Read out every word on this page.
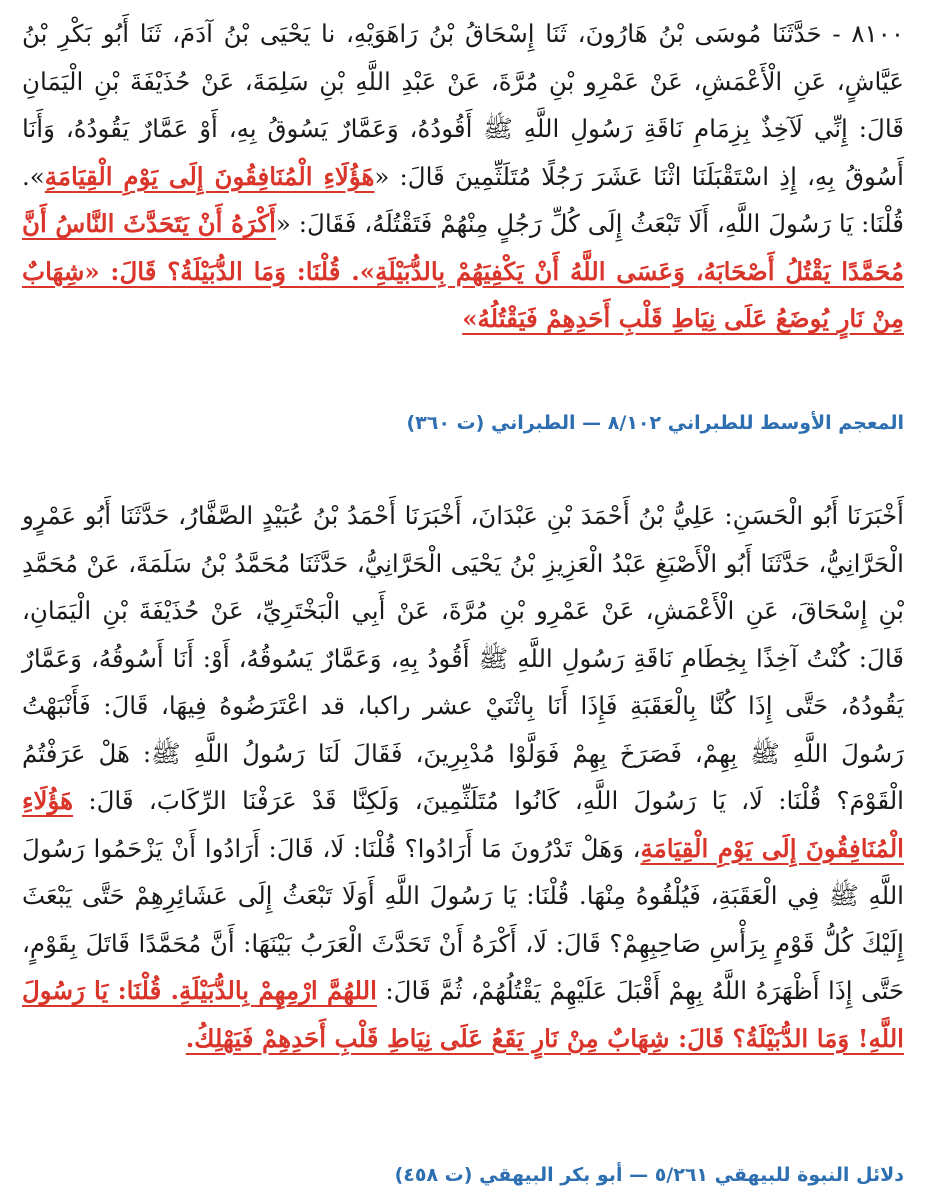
٨١٠٠ - حَدَّثَنَا مُوسَى بْنُ هَارُونَ، ثَنَا إِسْحَاقُ بْنُ رَاهَوَيْهِ، نا يَحْيَى بْنُ آدَمَ، ثَنَا أَبُو بَكْرِ بْنُ عَيَّاشٍ، عَنِ الْأَعْمَشِ، عَنْ عَمْرِو بْنِ مُرَّةَ، عَنْ عَبْدِ اللَّهِ بْنِ سَلِمَةَ، عَنْ حُذَيْفَةَ بْنِ الْيَمَانِ قَالَ: إِنِّي لَآخِذٌ بِزِمَامِ نَاقَةِ رَسُولِ اللَّهِ ﷺ أَقُودُهُ، وَعَمَّارٌ يَسُوقُ بِهِ، أَوْ عَمَّارٌ يَقُودُهُ، وَأَنَا أَسُوقُ بِهِ، إِذِ اسْتَقْبَلَنَا اثْنَا عَشَرَ رَجُلًا مُتَلَثِّمِينَ قَالَ: «هَؤُلَاءِ الْمُنَافِقُونَ إِلَى يَوْمِ الْقِيَامَةِ». قُلْنَا: يَا رَسُولَ اللَّهِ، أَلَا تَبْعَثُ إِلَى كُلِّ رَجُلٍ مِنْهُمْ فَتَقْتُلَهُ، فَقَالَ: «أَكْرَهُ أَنْ يَتَحَدَّثَ النَّاسُ أَنَّ مُحَمَّدًا يَقْتُلُ أَصْحَابَهُ، وَعَسَى اللَّهُ أَنْ يَكْفِيَهُمْ بِالدُّبَيْلَةِ». قُلْنَا: وَمَا الدُّبَيْلَةُ؟ قَالَ: «شِهَابٌ مِنْ نَارٍ يُوضَعُ عَلَى نِيَاطِ قَلْبِ أَحَدِهِمْ فَيَقْتُلُهُ»

المعجم الأوسط للطبراني ٨/١٠٢ — الطبراني (ت ٣٦٠)

أَخْبَرَنَا أَبُو الْحَسَنِ: عَلِيُّ بْنُ أَحْمَدَ بْنِ عَبْدَانَ، أَخْبَرَنَا أَحْمَدُ بْنُ عُبَيْدٍ الصَّفَّارُ، حَدَّثَنَا أَبُو عَمْرٍو الْحَرَّانِيُّ، حَدَّثَنَا أَبُو الْأَصْبَغِ عَبْدُ الْعَزِيزِ بْنُ يَحْيَى الْحَرَّانِيُّ، حَدَّثَنَا مُحَمَّدُ بْنُ سَلَمَةَ، عَنْ مُحَمَّدِ بْنِ إِسْحَاقَ، عَنِ الْأَعْمَشِ، عَنْ عَمْرِو بْنِ مُرَّةَ، عَنْ أَبِي الْبَخْتَرِيِّ، عَنْ حُذَيْفَةَ بْنِ الْيَمَانِ، قَالَ: كُنْتُ آخِذًا بِخِطَامِ نَاقَةِ رَسُولِ اللَّهِ ﷺ أَقُودُ بِهِ، وَعَمَّارٌ يَسُوقُهُ، أَوْ: أَنَا أَسُوقُهُ، وَعَمَّارٌ يَقُودُهُ، حَتَّى إِذَا كُنَّا بِالْعَقَبَةِ فَإِذَا أَنَا بِاثْنَيْ عشر راكبا، قد اعْتَرَضُوهُ فِيهَا، قَالَ: فَأَنْبَهْتُ رَسُولَ اللَّهِ ﷺ بِهِمْ، فَصَرَخَ بِهِمْ فَوَلَّوْا مُدْبِرِينَ، فَقَالَ لَنَا رَسُولُ اللَّهِ ﷺ: هَلْ عَرَفْتُمُ الْقَوْمَ؟ قُلْنَا: لَا، يَا رَسُولَ اللَّهِ، كَانُوا مُتَلَثِّمِينَ، وَلَكِنَّا قَدْ عَرَفْنَا الرِّكَابَ، قَالَ: هَؤُلَاءِ الْمُنَافِقُونَ إِلَى يَوْمِ الْقِيَامَةِ، وَهَلْ تَدْرُونَ مَا أَرَادُوا؟ قُلْنَا: لَا، قَالَ: أَرَادُوا أَنْ يَزْحَمُوا رَسُولَ اللَّهِ ﷺ فِي الْعَقَبَةِ، فَيُلْقُوهُ مِنْهَا. قُلْنَا: يَا رَسُولَ اللَّهِ أَوَلَا تَبْعَثُ إِلَى عَشَائِرِهِمْ حَتَّى يَبْعَثَ إِلَيْكَ كُلُّ قَوْمٍ بِرَأْسِ صَاحِبِهِمْ؟ قَالَ: لَا، أَكْرَهُ أَنْ تَحَدَّثَ الْعَرَبُ بَيْنَهَا: أَنَّ مُحَمَّدًا قَاتَلَ بِقَوْمٍ، حَتَّى إِذَا أَظْهَرَهُ اللَّهُ بِهِمْ أَقْبَلَ عَلَيْهِمْ يَقْتُلُهُمْ، ثُمَّ قَالَ: اللهُمَّ ارْمِهِمْ بِالدُّبَيْلَةِ. قُلْنَا: يَا رَسُولَ اللَّهِ! وَمَا الدُّبَيْلَةُ؟ قَالَ: شِهَابٌ مِنْ نَارٍ يَقَعُ عَلَى نِيَاطِ قَلْبِ أَحَدِهِمْ فَيَهْلِكُ.

دلائل النبوة للبيهقي ٥/٢٦١ — أبو بكر البيهقي (ت ٤٥٨)
